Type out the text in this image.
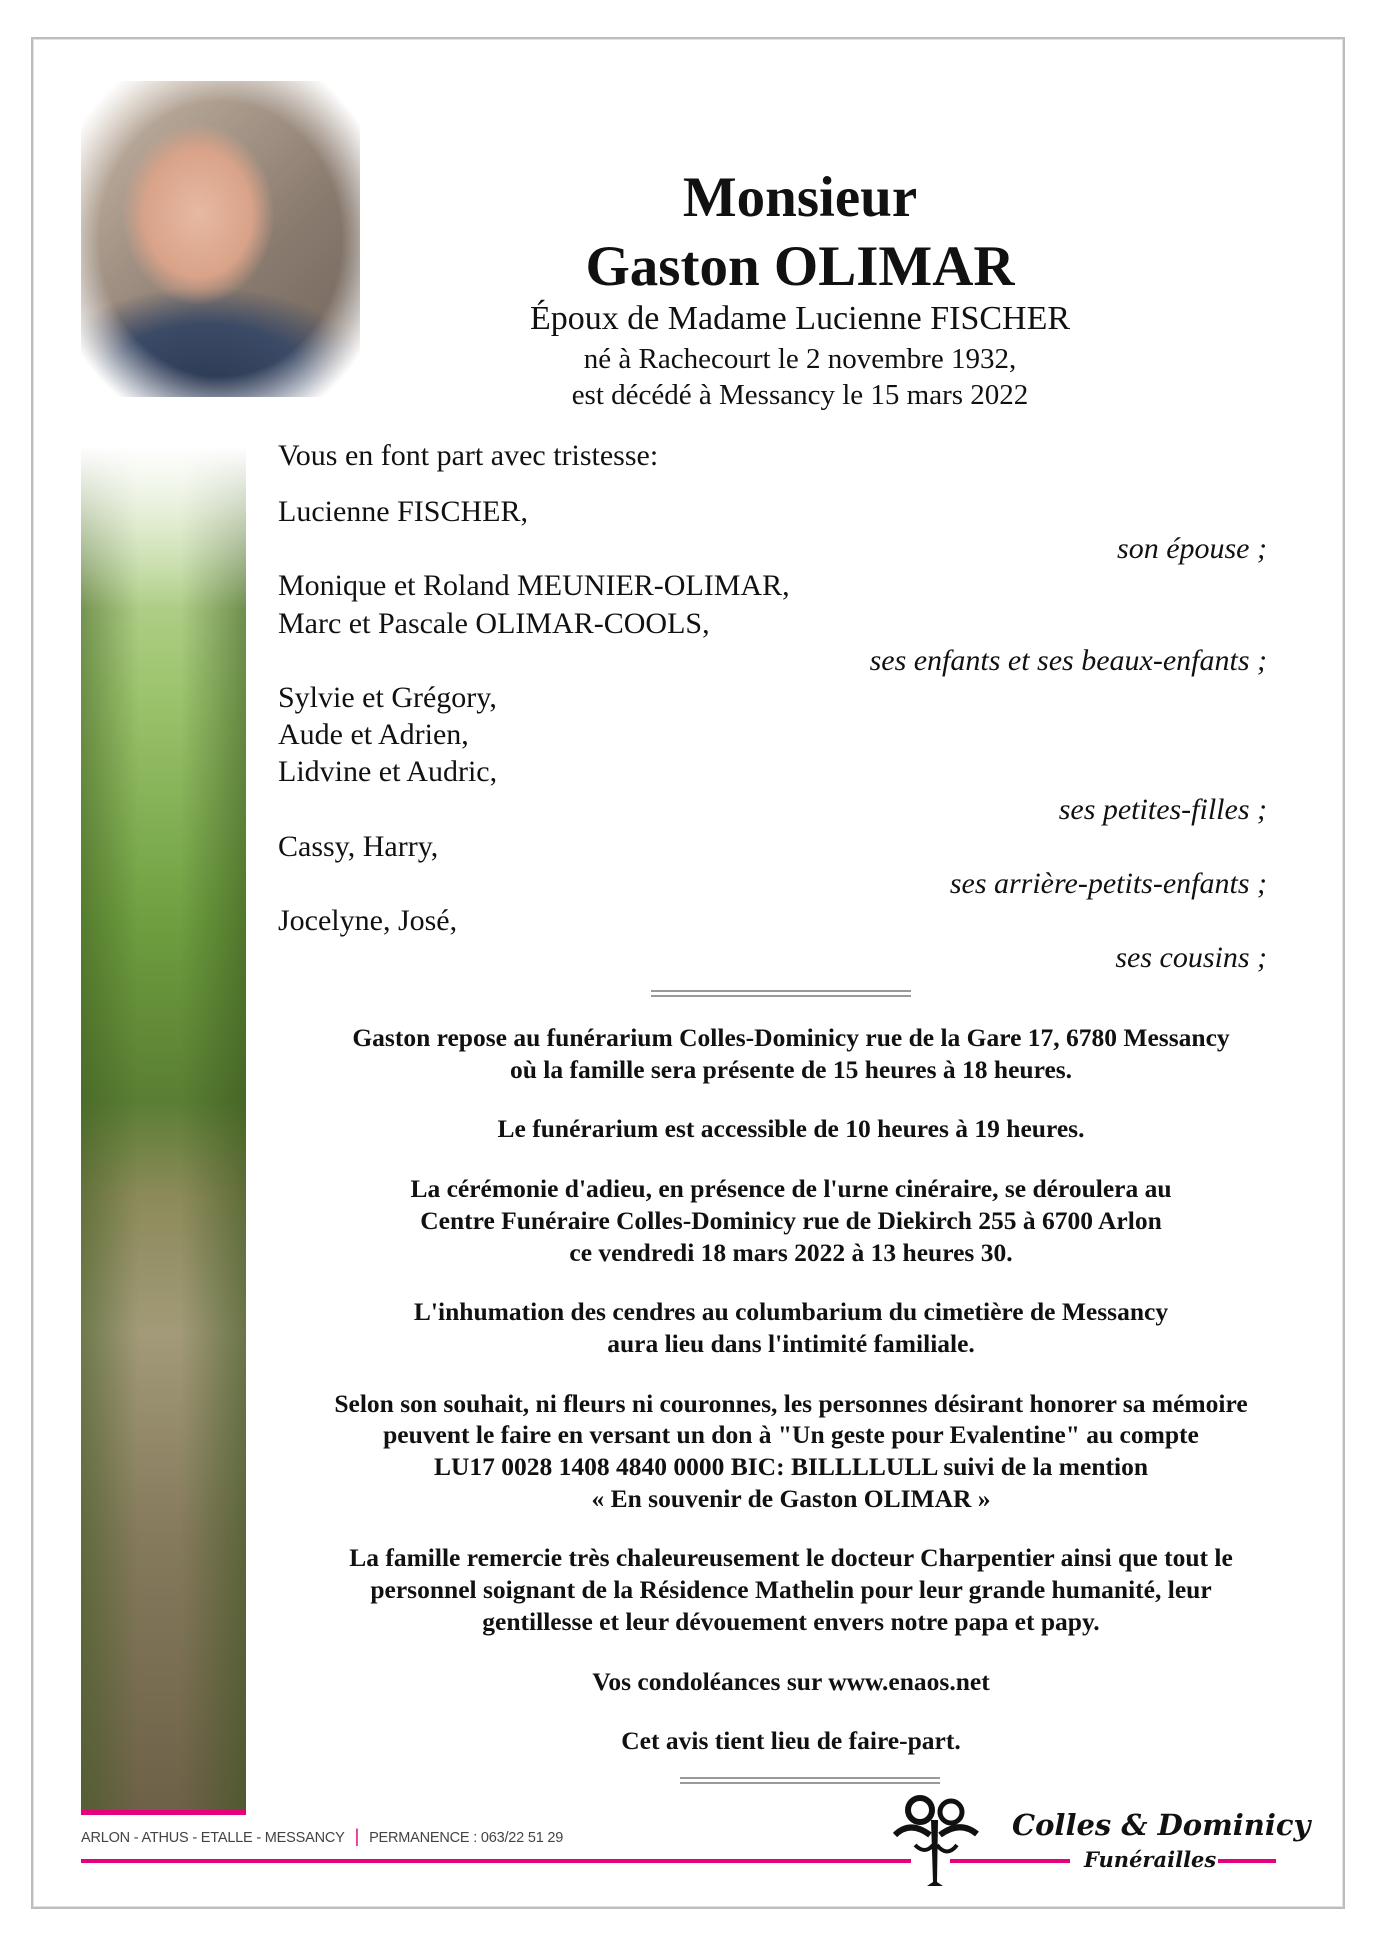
Monsieur
Gaston OLIMAR
Époux de Madame Lucienne FISCHER
né à Rachecourt le 2 novembre 1932,
est décédé à Messancy le 15 mars 2022
Vous en font part avec tristesse:
Lucienne FISCHER,
son épouse ;
Monique et Roland MEUNIER-OLIMAR,
Marc et Pascale OLIMAR-COOLS,
ses enfants et ses beaux-enfants ;
Sylvie et Grégory,
Aude et Adrien,
Lidvine et Audric,
ses petites-filles ;
Cassy, Harry,
ses arrière-petits-enfants ;
Jocelyne, José,
ses cousins ;

Gaston repose au funérarium Colles-Dominicy rue de la Gare 17, 6780 Messancy
où la famille sera présente de 15 heures à 18 heures.

Le funérarium est accessible de 10 heures à 19 heures.

La cérémonie d'adieu, en présence de l'urne cinéraire, se déroulera au
Centre Funéraire Colles-Dominicy rue de Diekirch 255 à 6700 Arlon
ce vendredi 18 mars 2022 à 13 heures 30.

L'inhumation des cendres au columbarium du cimetière de Messancy
aura lieu dans l'intimité familiale.

Selon son souhait, ni fleurs ni couronnes, les personnes désirant honorer sa mémoire
peuvent le faire en versant un don à "Un geste pour Evalentine" au compte
LU17 0028 1408 4840 0000 BIC: BILLLLULL suivi de la mention
« En souvenir de Gaston OLIMAR »

La famille remercie très chaleureusement le docteur Charpentier ainsi que tout le
personnel soignant de la Résidence Mathelin pour leur grande humanité, leur
gentillesse et leur dévouement envers notre papa et papy.

Vos condoléances sur www.enaos.net

Cet avis tient lieu de faire-part.

ARLON - ATHUS - ETALLE - MESSANCY | PERMANENCE : 063/22 51 29	Colles & Dominicy
Funérailles
